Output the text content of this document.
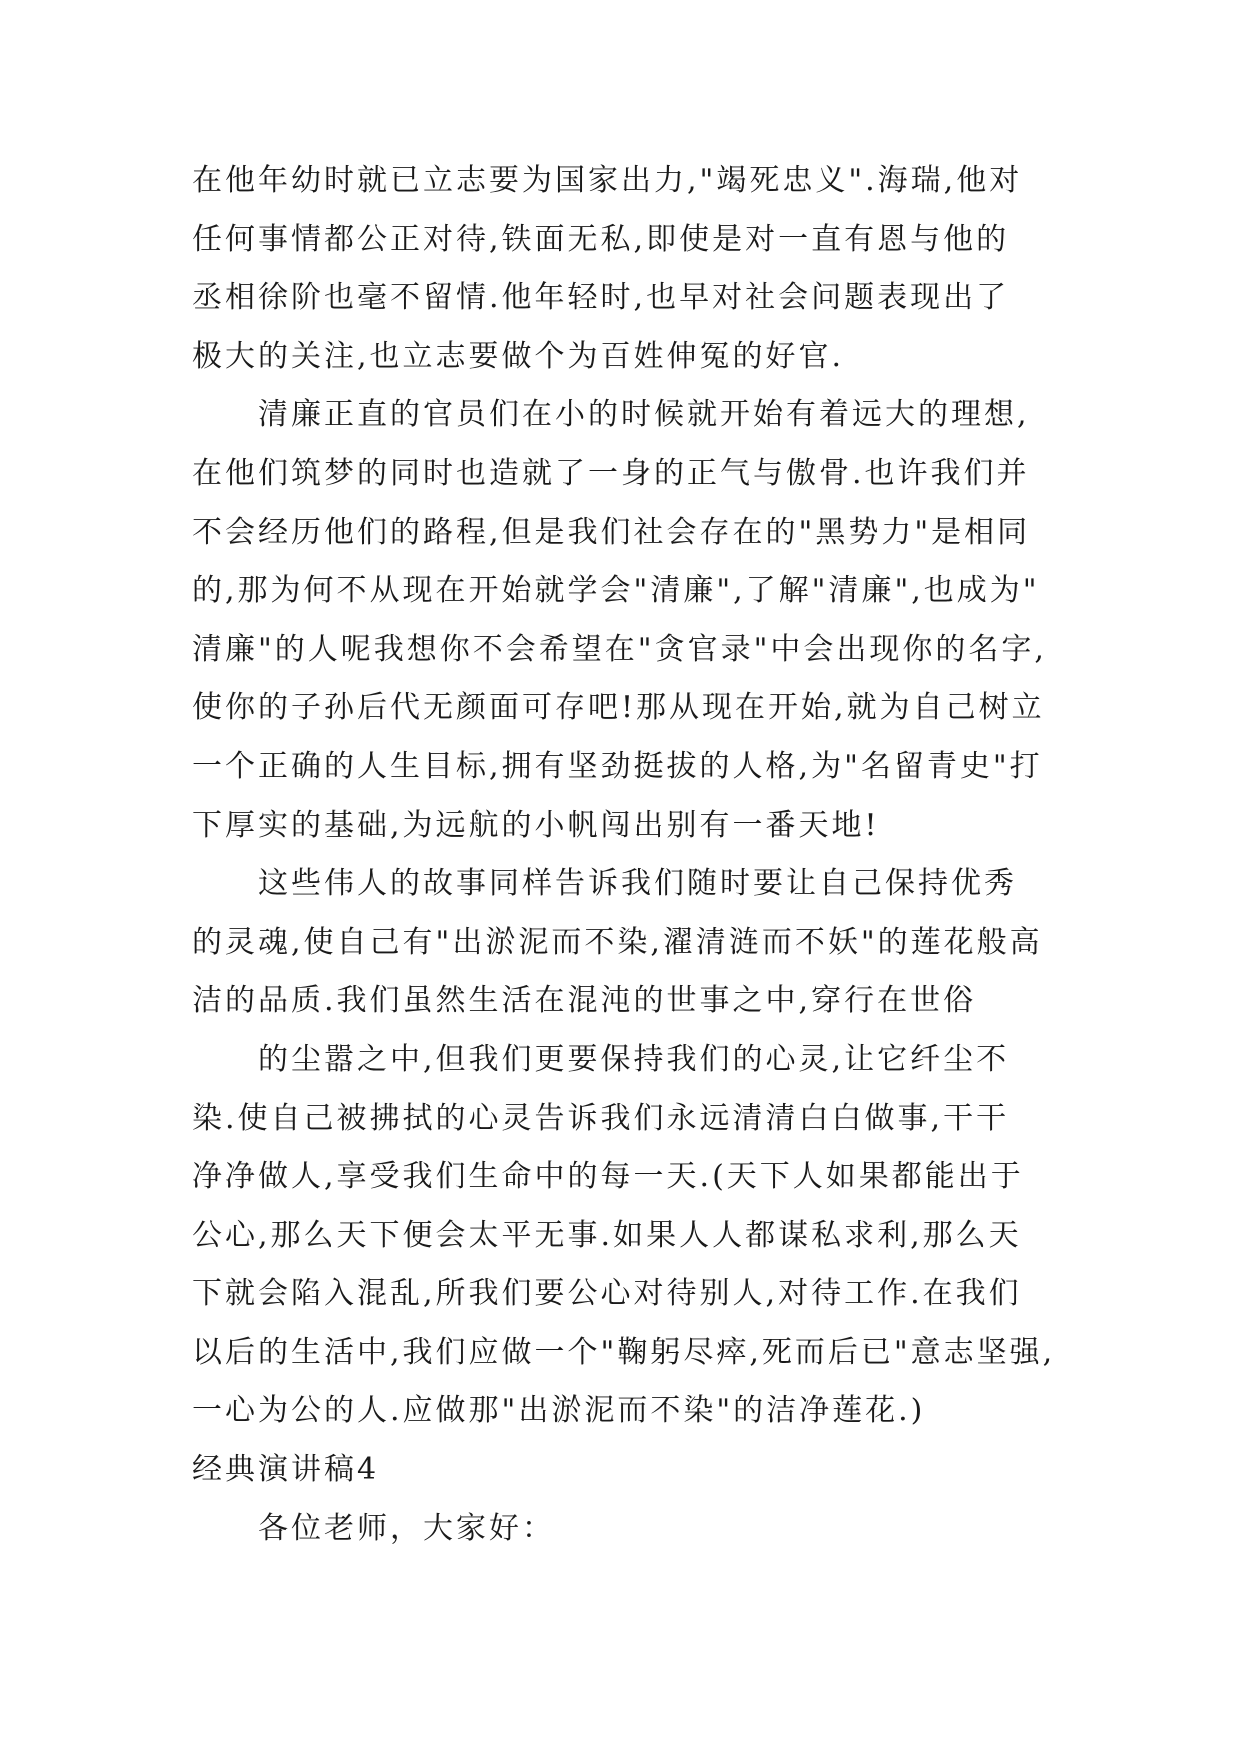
在他年幼时就已立志要为国家出力,"竭死忠义".海瑞,他对
任何事情都公正对待,铁面无私,即使是对一直有恩与他的
丞相徐阶也毫不留情.他年轻时,也早对社会问题表现出了
极大的关注,也立志要做个为百姓伸冤的好官.
清廉正直的官员们在小的时候就开始有着远大的理想,
在他们筑梦的同时也造就了一身的正气与傲骨.也许我们并
不会经历他们的路程,但是我们社会存在的"黑势力"是相同
的,那为何不从现在开始就学会"清廉",了解"清廉",也成为"
清廉"的人呢我想你不会希望在"贪官录"中会出现你的名字,
使你的子孙后代无颜面可存吧!那从现在开始,就为自己树立
一个正确的人生目标,拥有坚劲挺拔的人格,为"名留青史"打
下厚实的基础,为远航的小帆闯出别有一番天地!
这些伟人的故事同样告诉我们随时要让自己保持优秀
的灵魂,使自己有"出淤泥而不染,濯清涟而不妖"的莲花般高
洁的品质.我们虽然生活在混沌的世事之中,穿行在世俗
的尘嚣之中,但我们更要保持我们的心灵,让它纤尘不
染.使自己被拂拭的心灵告诉我们永远清清白白做事,干干
净净做人,享受我们生命中的每一天.(天下人如果都能出于
公心,那么天下便会太平无事.如果人人都谋私求利,那么天
下就会陷入混乱,所我们要公心对待别人,对待工作.在我们
以后的生活中,我们应做一个"鞠躬尽瘁,死而后已"意志坚强,
一心为公的人.应做那"出淤泥而不染"的洁净莲花.)
经典演讲稿4
各位老师，大家好：
